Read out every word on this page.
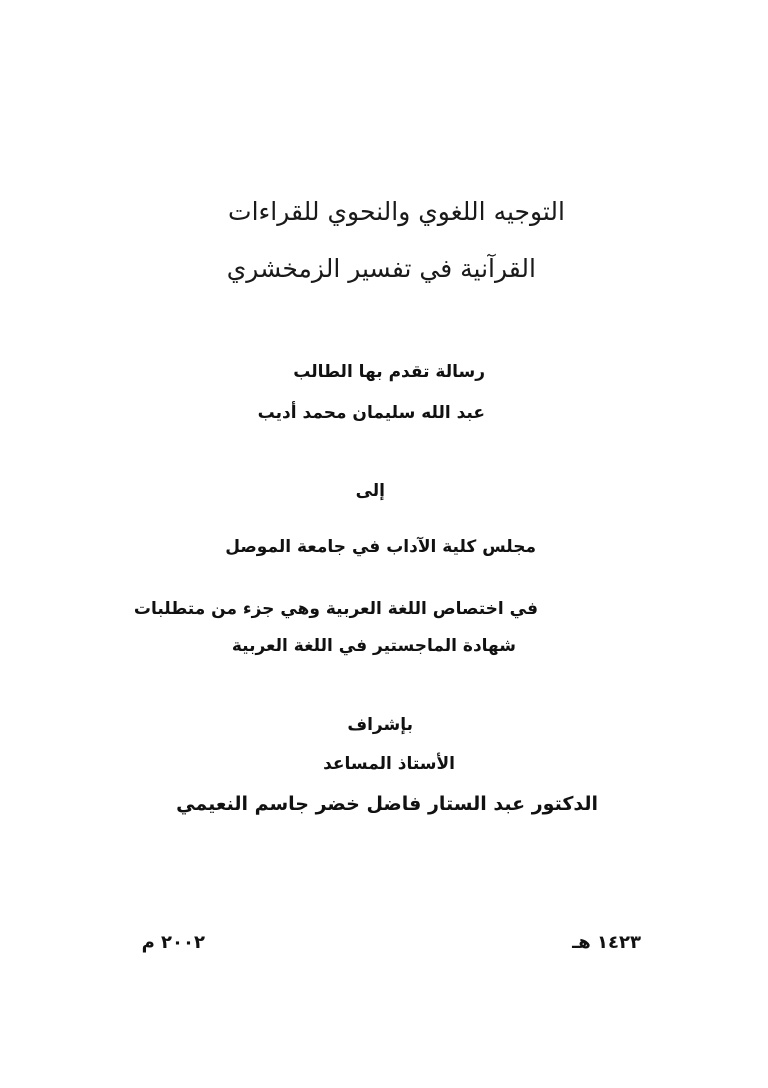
التوجيه اللغوي والنحوي للقراءات
القرآنية في تفسير الزمخشري
رسالة تقدم بها الطالب
عبد الله سليمان محمد أديب
إلى
مجلس كلية الآداب في جامعة الموصل
في اختصاص اللغة العربية وهي جزء من متطلبات
شهادة الماجستير في اللغة العربية
بإشراف
الأستاذ المساعد
الدكتور عبد الستار فاضل خضر جاسم النعيمي
١٤٢٣ هـ
٢٠٠٢ م
